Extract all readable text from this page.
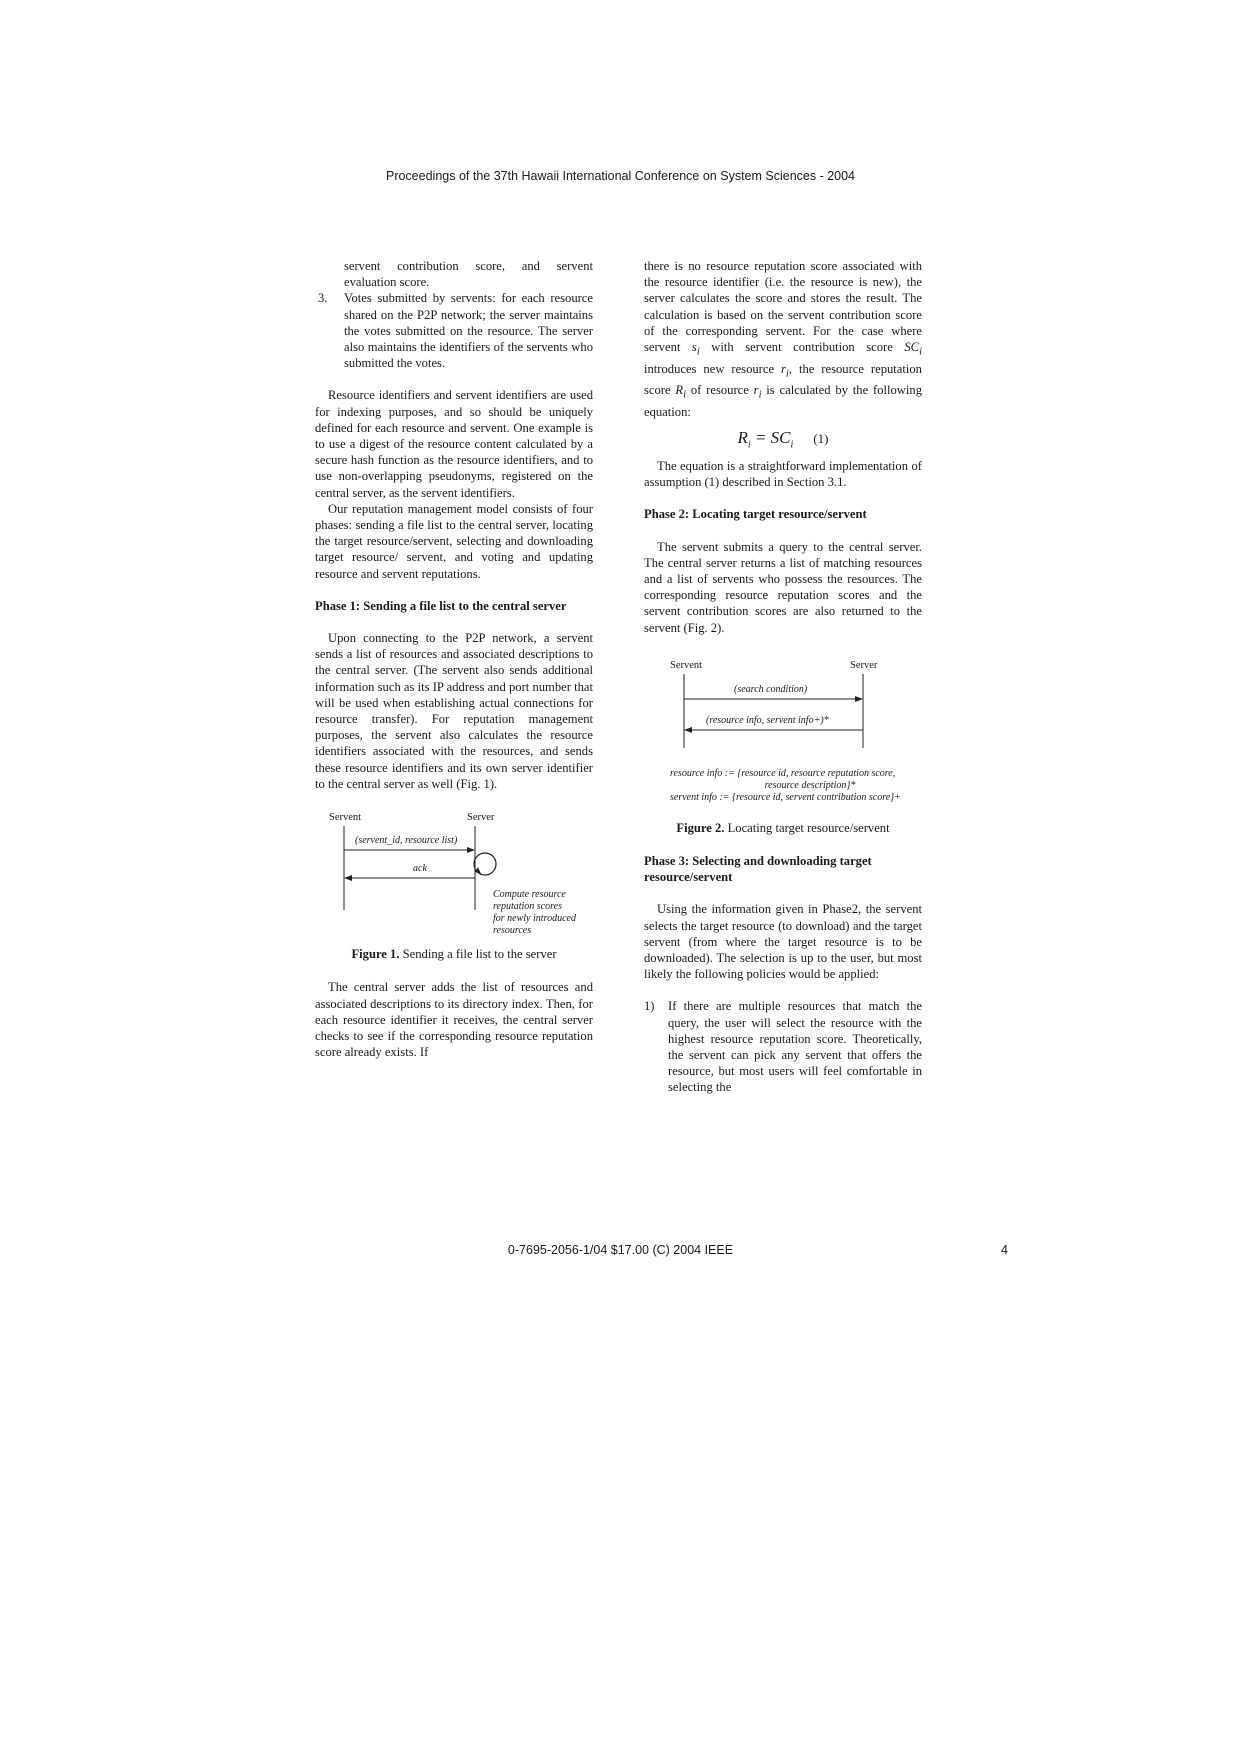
Proceedings of the 37th Hawaii International Conference on System Sciences - 2004

servent contribution score, and servent evaluation score.

3. Votes submitted by servents: for each resource shared on the P2P network; the server maintains the votes submitted on the resource. The server also maintains the identifiers of the servents who submitted the votes.

Resource identifiers and servent identifiers are used for indexing purposes, and so should be uniquely defined for each resource and servent. One example is to use a digest of the resource content calculated by a secure hash function as the resource identifiers, and to use non-overlapping pseudonyms, registered on the central server, as the servent identifiers.

Our reputation management model consists of four phases: sending a file list to the central server, locating the target resource/servent, selecting and downloading target resource/ servent, and voting and updating resource and servent reputations.

Phase 1: Sending a file list to the central server

Upon connecting to the P2P network, a servent sends a list of resources and associated descriptions to the central server. (The servent also sends additional information such as its IP address and port number that will be used when establishing actual connections for resource transfer). For reputation management purposes, the servent also calculates the resource identifiers associated with the resources, and sends these resource identifiers and its own server identifier to the central server as well (Fig. 1).

Servent	Server
(servent_id, resource list)
ack
Compute resource
reputation scores
for newly introduced
resources

Figure 1. Sending a file list to the server

The central server adds the list of resources and associated descriptions to its directory index. Then, for each resource identifier it receives, the central server checks to see if the corresponding resource reputation score already exists. If

there is no resource reputation score associated with the resource identifier (i.e. the resource is new), the server calculates the score and stores the result. The calculation is based on the servent contribution score of the corresponding servent. For the case where servent $s_i$ with servent contribution score $SC_i$ introduces new resource $r_i$, the resource reputation score $R_i$ of resource $r_i$ is calculated by the following equation:

$R_i = SC_i$ (1)

The equation is a straightforward implementation of assumption (1) described in Section 3.1.

Phase 2: Locating target resource/servent

The servent submits a query to the central server. The central server returns a list of matching resources and a list of servents who possess the resources. The corresponding resource reputation scores and the servent contribution scores are also returned to the servent (Fig. 2).

Servent	Server
(search condition)
(resource info, servent info+)*
resource info := {resource id, resource reputation score,
resource description}*
servent info := {resource id, servent contribution score}+

Figure 2. Locating target resource/servent

Phase 3: Selecting and downloading target resource/servent

Using the information given in Phase2, the servent selects the target resource (to download) and the target servent (from where the target resource is to be downloaded). The selection is up to the user, but most likely the following policies would be applied:

1) If there are multiple resources that match the query, the user will select the resource with the highest resource reputation score. Theoretically, the servent can pick any servent that offers the resource, but most users will feel comfortable in selecting the
0-7695-2056-1/04 $17.00 (C) 2004 IEEE	4
